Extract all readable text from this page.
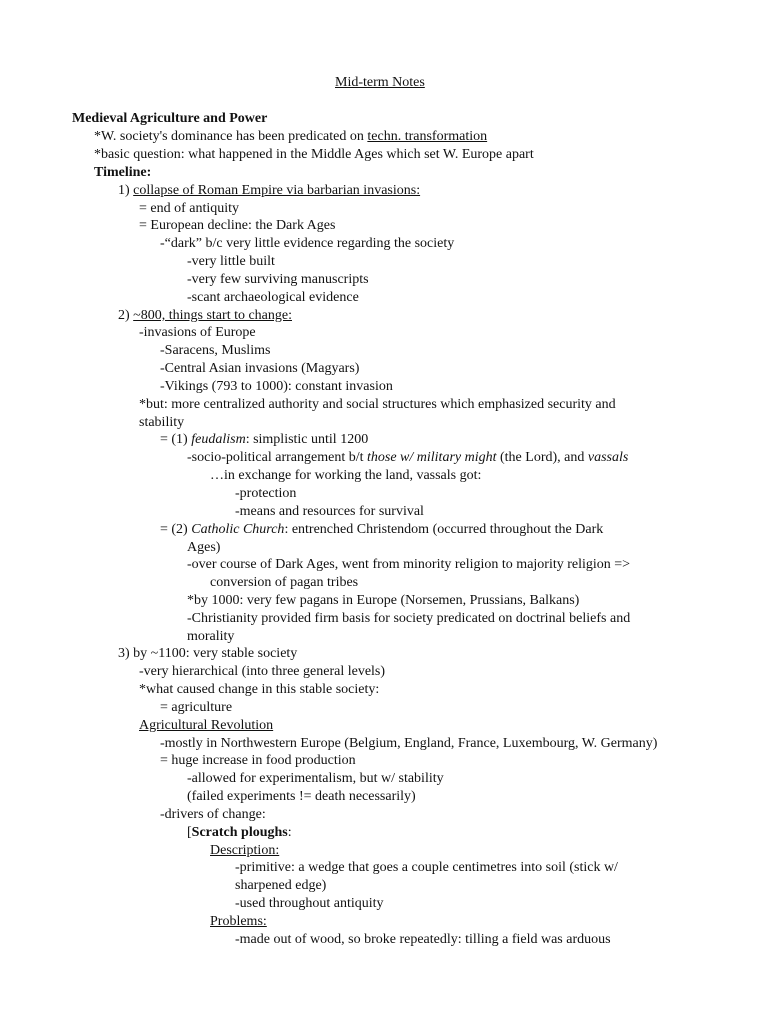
Mid-term Notes
Medieval Agriculture and Power
*W. society's dominance has been predicated on techn. transformation
*basic question: what happened in the Middle Ages which set W. Europe apart
Timeline:
1) collapse of Roman Empire via barbarian invasions:
= end of antiquity
= European decline: the Dark Ages
-“dark” b/c very little evidence regarding the society
-very little built
-very few surviving manuscripts
-scant archaeological evidence
2) ~800, things start to change:
-invasions of Europe
-Saracens, Muslims
-Central Asian invasions (Magyars)
-Vikings (793 to 1000): constant invasion
*but: more centralized authority and social structures which emphasized security and
stability
= (1) feudalism: simplistic until 1200
-socio-political arrangement b/t those w/ military might (the Lord), and vassals
…in exchange for working the land, vassals got:
-protection
-means and resources for survival
= (2) Catholic Church: entrenched Christendom (occurred throughout the Dark
Ages)
-over course of Dark Ages, went from minority religion to majority religion =>
conversion of pagan tribes
*by 1000: very few pagans in Europe (Norsemen, Prussians, Balkans)
-Christianity provided firm basis for society predicated on doctrinal beliefs and
morality
3) by ~1100: very stable society
-very hierarchical (into three general levels)
*what caused change in this stable society:
= agriculture
Agricultural Revolution
-mostly in Northwestern Europe (Belgium, England, France, Luxembourg, W. Germany)
= huge increase in food production
-allowed for experimentalism, but w/ stability
(failed experiments != death necessarily)
-drivers of change:
[Scratch ploughs:
Description:
-primitive: a wedge that goes a couple centimetres into soil (stick w/
sharpened edge)
-used throughout antiquity
Problems:
-made out of wood, so broke repeatedly: tilling a field was arduous
